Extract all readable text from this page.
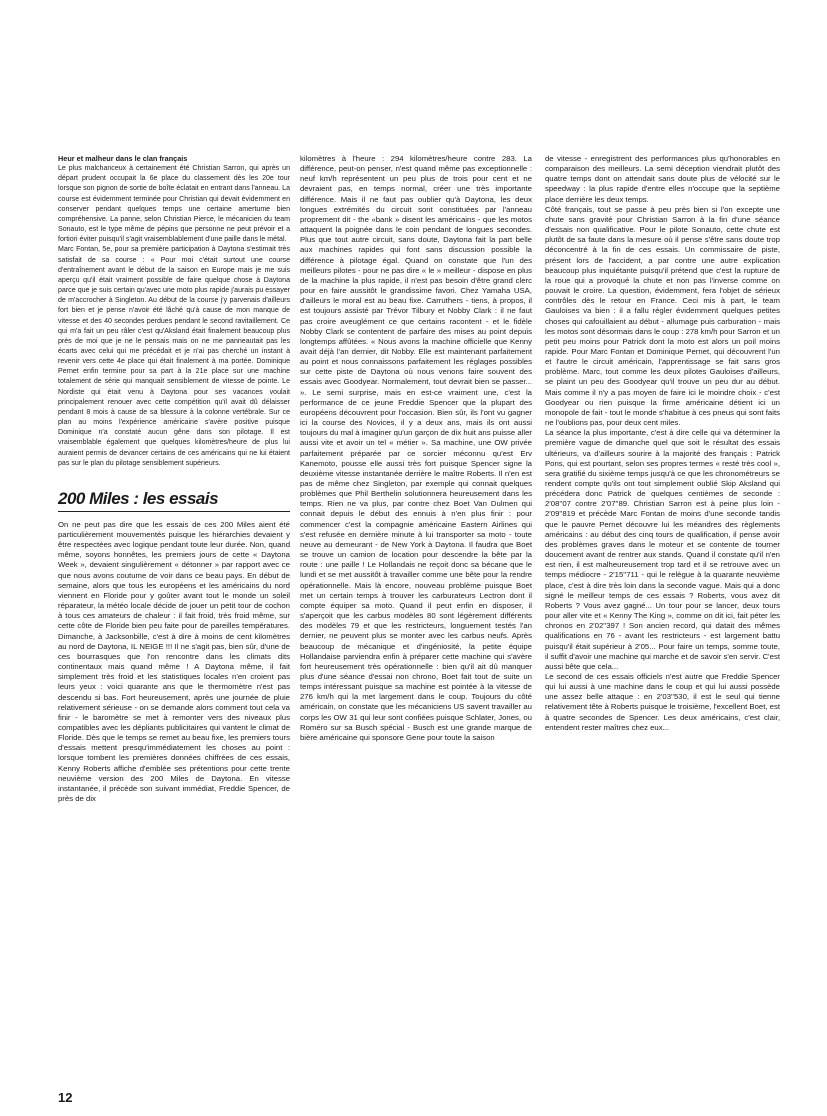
Heur et malheur dans le clan français

Le plus malchanceux à certainement été Christian Sarron, qui après un départ prudent occupait la 6e place du classement dès les 20e tour lorsque son pignon de sortie de boîte éclatait en entrant dans l'anneau. La course est évidemment terminée pour Christian qui devait évidemment en conserver pendant quelques temps une certaine amertume bien compréhensive. La panne, selon Christian Pierce, le mécanicien du team Sonauto, est le type même de pépins que personne ne peut prévoir et a fortiori éviter puisqu'il s'agit vraisemblablement d'une paille dans le métal.

Marc Fontan, 5e, pour sa première participation à Daytona s'estimait très satisfait de sa course : « Pour moi c'était surtout une course d'entraînement avant le début de la saison en Europe mais je me suis aperçu qu'il était vraiment possible de faire quelque chose à Daytona parce que je suis certain qu'avec une moto plus rapide j'aurais pu essayer de m'accrocher à Singleton. Au début de la course j'y parvenais d'ailleurs fort bien et je pense n'avoir été lâché qu'à cause de mon manque de vitesse et des 40 secondes perdues pendant le second ravitaillement. Ce qui m'a fait un peu râler c'est qu'Aksland était finalement beaucoup plus près de moi que je ne le pensais mais on ne me panneautait pas les écarts avec celui qui me précédait et je n'ai pas cherché un instant à revenir vers cette 4e place qui était finalement à ma portée. Dominique Pernet enfin termine pour sa part à la 21e place sur une machine totalement de série qui manquait sensiblement de vitesse de pointe. Le Nordiste qui était venu à Daytona pour ses vacances voulait principalement renouer avec cette compétition qu'il avait dû délaisser pendant 8 mois à cause de sa blessure à la colonne vertébrale. Sur ce plan au moins l'expérience américaine s'avère positive puisque Dominique n'a constaté aucun gêne dans son pilotage. Il est vraisemblable également que quelques kilomètres/heure de plus lui auraient permis de devancer certains de ces américains qui ne lui étaient pas sur le plan du pilotage sensiblement supérieurs.

200 Miles : les essais

On ne peut pas dire que les essais de ces 200 Miles aient été particulièrement mouvementés puisque les hiérarchies devaient y être respectées avec logique pendant toute leur durée. Non, quand même, soyons honnêtes, les premiers jours de cette « Daytona Week », devaient singulièrement « détonner » par rapport avec ce que nous avons coutume de voir dans ce beau pays. En début de semaine, alors que tous les européens et les américains du nord viennent en Floride pour y goûter avant tout le monde un soleil réparateur, la météo locale décide de jouer un petit tour de cochon à tous ces amateurs de chaleur : il fait froid, très froid même, sur cette côte de Floride bien peu faite pour de pareilles températures. Dimanche, à Jacksonbille, c'est à dire à moins de cent kilomètres au nord de Daytona, IL NEIGE !!! Il ne s'agit pas, bien sûr, d'une de ces bourrasques que l'on rencontre dans les climats dits continentaux mais quand même ! A Daytona même, il fait simplement très froid et les statistiques locales n'en croient pas leurs yeux : voici quarante ans que le thermomètre n'est pas descendu si bas. Fort heureusement, après une journée de pluie relativement sérieuse - on se demande alors comment tout cela va finir - le baromètre se met à remonter vers des niveaux plus compatibles avec les dépliants publicitaires qui vantent le climat de Floride. Dès que le temps se remet au beau fixe, les premiers tours d'essais mettent presqu'immédiatement les choses au point : lorsque tombent les premières données chiffrées de ces essais, Kenny Roberts affiche d'emblée ses prétentions pour cette trente neuvième version des 200 Miles de Daytona. En vitesse instantanée, il précède son suivant immédiat, Freddie Spencer, de près de dix

kilomètres à l'heure : 294 kilomètres/heure contre 283. La différence, peut-on penser, n'est quand même pas exceptionnelle : neuf km/h représentent un peu plus de trois pour cent et ne devraient pas, en temps normal, créer une très importante différence. Mais il ne faut pas oublier qu'à Daytona, les deux longues extrémités du circuit sont constituées par l'anneau proprement dit - the «bank » disent les américains - que les motos attaquent la poignée dans le coin pendant de longues secondes. Plus que tout autre circuit, sans doute, Daytona fait la part belle aux machines rapides qui font sans discussion possible la différence à pilotage égal. Quand on constate que l'un des meilleurs pilotes - pour ne pas dire « le » meilleur - dispose en plus de la machine la plus rapide, il n'est pas besoin d'être grand clerc pour en faire aussitôt le grandissime favori. Chez Yamaha USA, d'ailleurs le moral est au beau fixe. Carruthers - tiens, à propos, il est toujours assisté par Trévor Tilbury et Nobby Clark : il ne faut pas croire aveuglément ce que certains racontent - et le fidèle Nobby Clark se contentent de parfaire des mises au point depuis longtemps affûtées. « Nous avons la machine officielle que Kenny avait déjà l'an dernier, dit Nobby. Elle est maintenant parfaitement au point et nous connaissons parfaitement les réglages possibles sur cette piste de Daytona où nous venons faire souvent des essais avec Goodyear. Normalement, tout devrait bien se passer... ». Le semi surprise, mais en est-ce vraiment une, c'est la performance de ce jeune Freddie Spencer que la plupart des européens découvrent pour l'occasion. Bien sûr, ils l'ont vu gagner ici la course des Novices, il y a deux ans, mais ils ont aussi toujours du mal à imaginer qu'un garçon de dix huit ans puisse aller aussi vite et avoir un tel « métier ». Sa machine, une OW privée parfaitement préparée par ce sorcier méconnu qu'est Erv Kanemoto, pousse elle aussi très fort puisque Spencer signe la deuxième vitesse instantanée derrière le maître Roberts. Il n'en est pas de même chez Singleton, par exemple qui connait quelques problèmes que Phil Berthelin solutionnera heureusement dans les temps. Rien ne va plus, par contre chez Boet Van Dulmen qui connait depuis le début des ennuis à n'en plus finir : pour commencer c'est la compagnie américaine Eastern Airlines qui s'est refusée en dernière minute à lui transporter sa moto - toute neuve au demeurant - de New York à Daytona. Il faudra que Boet se trouve un camion de location pour descendre la bête par la route : une paille ! Le Hollandais ne reçoit donc sa bécane que le lundi et se met aussitôt à travailler comme une bête pour la rendre opérationnelle. Mais là encore, nouveau problème puisque Boet met un certain temps à trouver les carburateurs Lectron dont il compte équiper sa moto. Quand il peut enfin en disposer, il s'aperçoit que les carbus modèles 80 sont légèrement différents des modèles 79 et que les restricteurs, longuement testés l'an dernier, ne peuvent plus se monter avec les carbus neufs. Après beaucoup de mécanique et d'ingéniosité, la petite équipe Hollandaise parviendra enfin à préparer cette machine qui s'avère fort heureusement très opérationnelle : bien qu'il ait dû manquer plus d'une séance d'essai non chrono, Boet fait tout de suite un temps intéressant puisque sa machine est pointée à la vitesse de 276 km/h qui la met largement dans le coup. Toujours du côté américain, on constate que les mécaniciens US savent travailler au corps les OW 31 qui leur sont confiées puisque Schlater, Jones, ou Roméro sur sa Busch spécial - Busch est une grande marque de bière américaine qui sponsore Gene pour toute la saison

de vitesse - enregistrent des performances plus qu'honorables en comparaison des meilleurs. La semi déception viendrait plutôt des quatre temps dont on attendait sans doute plus de vélocité sur le speedway : la plus rapide d'entre elles n'occupe que la septième place derrière les deux temps.
Côté français, tout se passe à peu près bien si l'on excepte une chute sans gravité pour Christian Sarron à la fin d'une séance d'essais non qualificative. Pour le pilote Sonauto, cette chute est plutôt de sa faute dans la mesure où il pense s'être sans doute trop déconcentré à la fin de ces essais. Un commissaire de piste, présent lors de l'accident, a par contre une autre explication beaucoup plus inquiétante puisqu'il prétend que c'est la rupture de la roue qui a provoqué la chute et non pas l'inverse comme on pouvait le croire. La question, évidemment, fera l'objet de sérieux contrôles dès le retour en France. Ceci mis à part, le team Gauloises va bien : il a fallu régler évidemment quelques petites choses qui cafouillaient au début - allumage puis carburation - mais les motos sont désormais dans le coup : 278 km/h pour Sarron et un petit peu moins pour Patrick dont la moto est alors un poil moins rapide. Pour Marc Fontan et Dominique Pernet, qui découvrent l'un et l'autre le circuit américain, l'apprentissage se fait sans gros problème. Marc, tout comme les deux pilotes Gauloises d'ailleurs, se plaint un peu des Goodyear qu'il trouve un peu dur au début. Mais comme il n'y a pas moyen de faire ici le moindre choix - c'est Goodyear ou rien puisque la firme américaine détient ici un monopole de fait - tout le monde s'habitue à ces pneus qui sont faits ne l'oublions pas, pour deux cent miles.
La séance la plus importante, c'est à dire celle qui va déterminer la première vague de dimanche quel que soit le résultat des essais ultérieurs, va d'ailleurs sourire à la majorité des français : Patrick Pons, qui est pourtant, selon ses propres termes « resté très cool », sera gratifié du sixième temps jusqu'à ce que les chronométreurs se rendent compte qu'ils ont tout simplement oublié Skip Aksland qui précédera donc Patrick de quelques centièmes de seconde : 2'08''07 contre 2'07''89. Christian Sarron est à peine plus loin - 2'09''819 et précède Marc Fontan de moins d'une seconde tandis que le pauvre Pernet découvre lui les méandres des règlements américains : au début des cinq tours de qualification, il pense avoir des problèmes graves dans le moteur et se contente de tourner doucement avant de rentrer aux stands. Quand il constate qu'il n'en est rien, il est malheureusement trop tard et il se retrouve avec un temps médiocre - 2'15''711 - qui le relègue à la quarante neuvième place, c'est à dire très loin dans la seconde vague. Mais qui a donc signé le meilleur temps de ces essais ? Roberts, vous avez dit Roberts ? Vous avez gagné... Un tour pour se lancer, deux tours pour aller vite et « Kenny The King », comme on dit ici, fait péter les chronos en 2'02''397 ! Son ancien record, qui datait des mêmes qualifications en 76 - avant les restricteurs - est largement battu puisqu'il était supérieur à 2'05... Pour faire un temps, somme toute, il suffit d'avoir une machine qui marche et de savoir s'en servir. C'est aussi bête que cela...
Le second de ces essais officiels n'est autre que Freddie Spencer qui lui aussi à une machine dans le coup et qui lui aussi possède une assez belle attaque : en 2'03''530, il est le seul qui tienne relativement tête à Roberts puisque le troisième, l'excellent Boet, est à quatre secondes de Spencer. Les deux américains, c'est clair, entendent rester maîtres chez eux...

12
